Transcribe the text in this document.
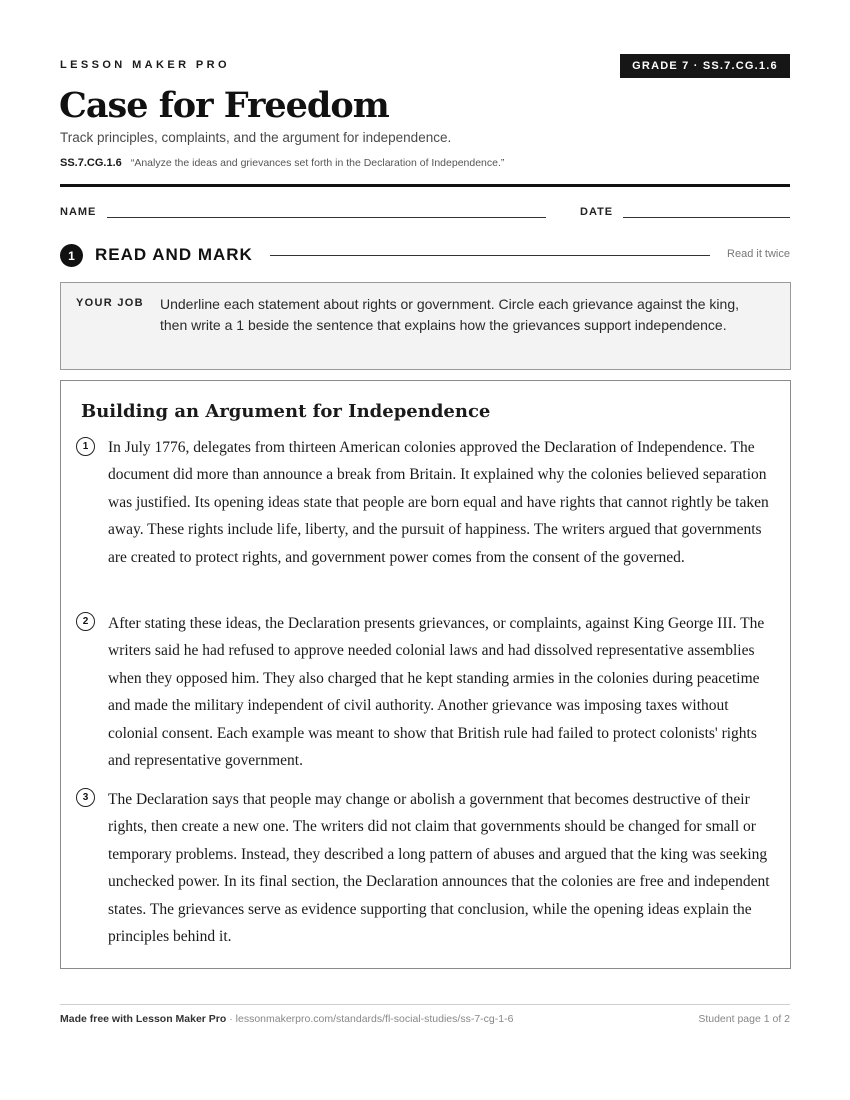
LESSON MAKER PRO	GRADE 7 · SS.7.CG.1.6
Case for Freedom
Track principles, complaints, and the argument for independence.
SS.7.CG.1.6 “Analyze the ideas and grievances set forth in the Declaration of Independence.”
NAME	DATE
1	READ AND MARK	Read it twice
YOUR JOB Underline each statement about rights or government. Circle each grievance against the king, then write a 1 beside the sentence that explains how the grievances support independence.
Building an Argument for Independence
1	In July 1776, delegates from thirteen American colonies approved the Declaration of Independence. The document did more than announce a break from Britain. It explained why the colonies believed separation was justified. Its opening ideas state that people are born equal and have rights that cannot rightly be taken away. These rights include life, liberty, and the pursuit of happiness. The writers argued that governments are created to protect rights, and government power comes from the consent of the governed.
2	After stating these ideas, the Declaration presents grievances, or complaints, against King George III. The writers said he had refused to approve needed colonial laws and had dissolved representative assemblies when they opposed him. They also charged that he kept standing armies in the colonies during peacetime and made the military independent of civil authority. Another grievance was imposing taxes without colonial consent. Each example was meant to show that British rule had failed to protect colonists' rights and representative government.
3	The Declaration says that people may change or abolish a government that becomes destructive of their rights, then create a new one. The writers did not claim that governments should be changed for small or temporary problems. Instead, they described a long pattern of abuses and argued that the king was seeking unchecked power. In its final section, the Declaration announces that the colonies are free and independent states. The grievances serve as evidence supporting that conclusion, while the opening ideas explain the principles behind it.
Made free with Lesson Maker Pro · lessonmakerpro.com/standards/fl-social-studies/ss-7-cg-1-6	Student page 1 of 2
